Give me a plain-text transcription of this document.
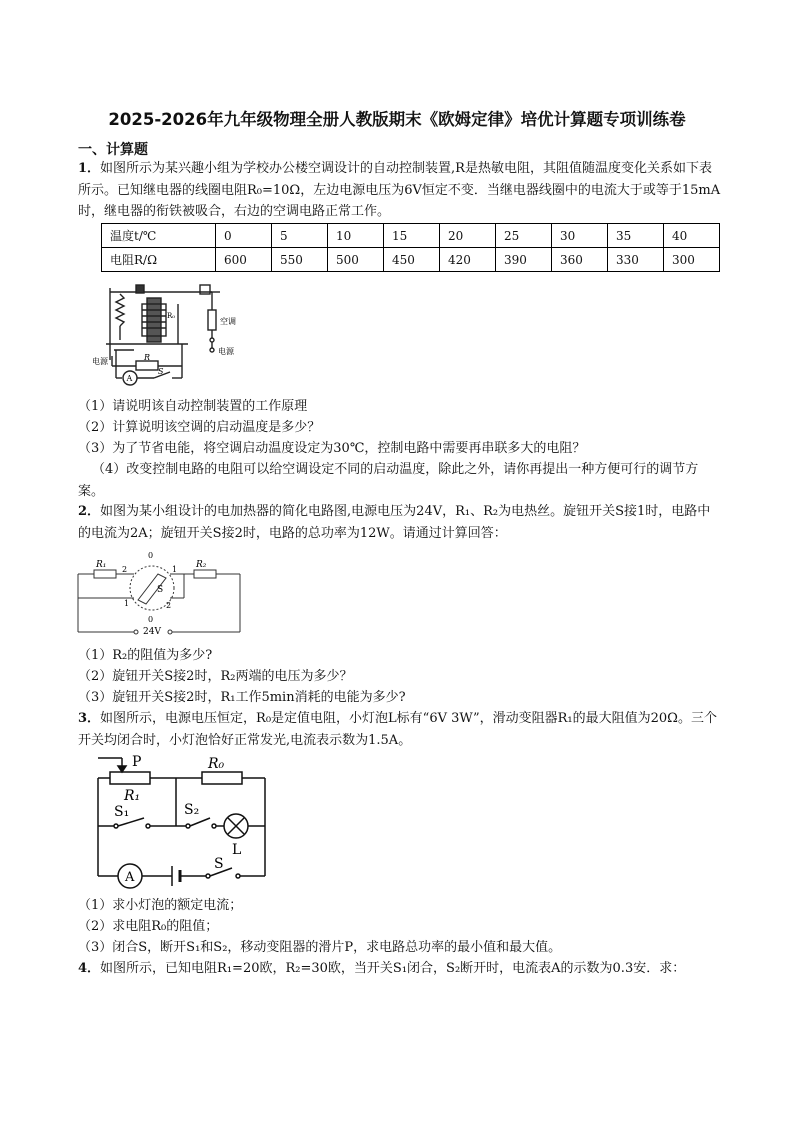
2025-2026年九年级物理全册人教版期末《欧姆定律》培优计算题专项训练卷
一、计算题

1．如图所示为某兴趣小组为学校办公楼空调设计的自动控制装置,R是热敏电阻，其阻值随温度变化关系如下表所示。已知继电器的线圈电阻R₀=10Ω，左边电源电压为6V恒定不变．当继电器线圈中的电流大于或等于15mA时，继电器的衔铁被吸合，右边的空调电路正常工作。

温度t/℃	0	5	10	15	20	25	30	35	40
电阻R/Ω	600	550	500	450	420	390	360	330	300
R₀
R
S
A
电源
空调
电源

（1）请说明该自动控制装置的工作原理

（2）计算说明该空调的启动温度是多少？

（3）为了节省电能，将空调启动温度设定为30℃，控制电路中需要再串联多大的电阻？

（4）改变控制电路的电阻可以给空调设定不同的启动温度，除此之外，请你再提出一种方便可行的调节方案。

2．如图为某小组设计的电加热器的简化电路图,电源电压为24V，R₁、R₂为电热丝。旋钮开关S接1时，电路中的电流为2A；旋钮开关S接2时，电路的总功率为12W。请通过计算回答：

R₁	R₂
S
24V
0
0
2	1
1	2

（1）R₂的阻值为多少?

（2）旋钮开关S接2时，R₂两端的电压为多少？

（3）旋钮开关S接2时，R₁工作5min消耗的电能为多少?

3．如图所示，电源电压恒定，R₀是定值电阻，小灯泡L标有“6V 3W”，滑动变阻器R₁的最大阻值为20Ω。三个开关均闭合时，小灯泡恰好正常发光,电流表示数为1.5A。

P	R₀
R₁
S₁	S₂
S
L
A

（1）求小灯泡的额定电流；

（2）求电阻R₀的阻值；

（3）闭合S，断开S₁和S₂，移动变阻器的滑片P，求电路总功率的最小值和最大值。

4．如图所示，已知电阻R₁=20欧，R₂=30欧，当开关S₁闭合，S₂断开时，电流表A的示数为0.3安．求：
